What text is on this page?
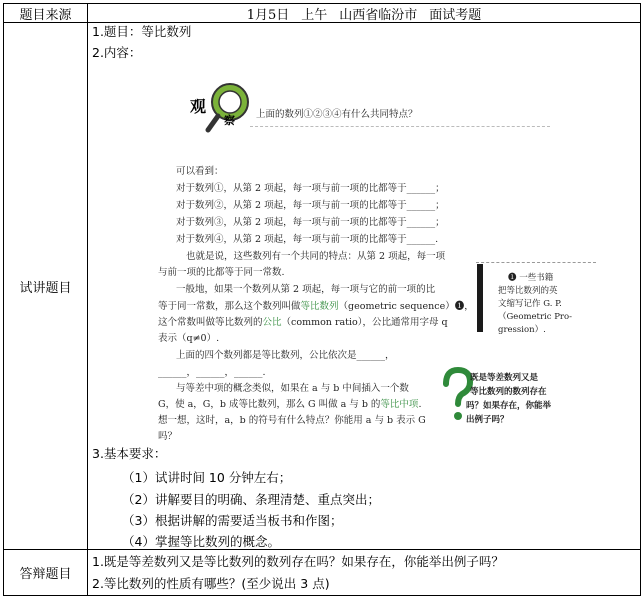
题目来源	1月5日 上午 山西省临汾市 面试考题
试讲题目
1.题目：等比数列
2.内容：
观
察 上面的数列①②③④有什么共同特点？
可以看到：
对于数列①，从第 2 项起，每一项与前一项的比都等于______；
对于数列②，从第 2 项起，每一项与前一项的比都等于______；
对于数列③，从第 2 项起，每一项与前一项的比都等于______；
对于数列④，从第 2 项起，每一项与前一项的比都等于______.
也就是说，这些数列有一个共同的特点：从第 2 项起，每一项
与前一项的比都等于同一常数.
一般地，如果一个数列从第 2 项起，每一项与它的前一项的比
等于同一常数，那么这个数列叫做等比数列（geometric sequence）❶，
这个常数叫做等比数列的公比（common ratio），公比通常用字母 q
表示（q≠0）.
上面的四个数列都是等比数列，公比依次是______，
______，______，______.
与等差中项的概念类似，如果在 a 与 b 中间插入一个数
G，使 a，G，b 成等比数列，那么 G 叫做 a 与 b 的等比中项.
想一想，这时，a，b 的符号有什么特点？你能用 a 与 b 表示 G
吗？
❶ 一些书籍
把等比数列的英
文缩写记作 G. P.
（Geometric Pro-
gression）.
既是等差数列又是
等比数列的数列存在
吗？如果存在，你能举
出例子吗？
3.基本要求：
（1）试讲时间 10 分钟左右；
（2）讲解要目的明确、条理清楚、重点突出；
（3）根据讲解的需要适当板书和作图；
（4）掌握等比数列的概念。
答辩题目
1.既是等差数列又是等比数列的数列存在吗？如果存在，你能举出例子吗？
2.等比数列的性质有哪些？(至少说出 3 点)
